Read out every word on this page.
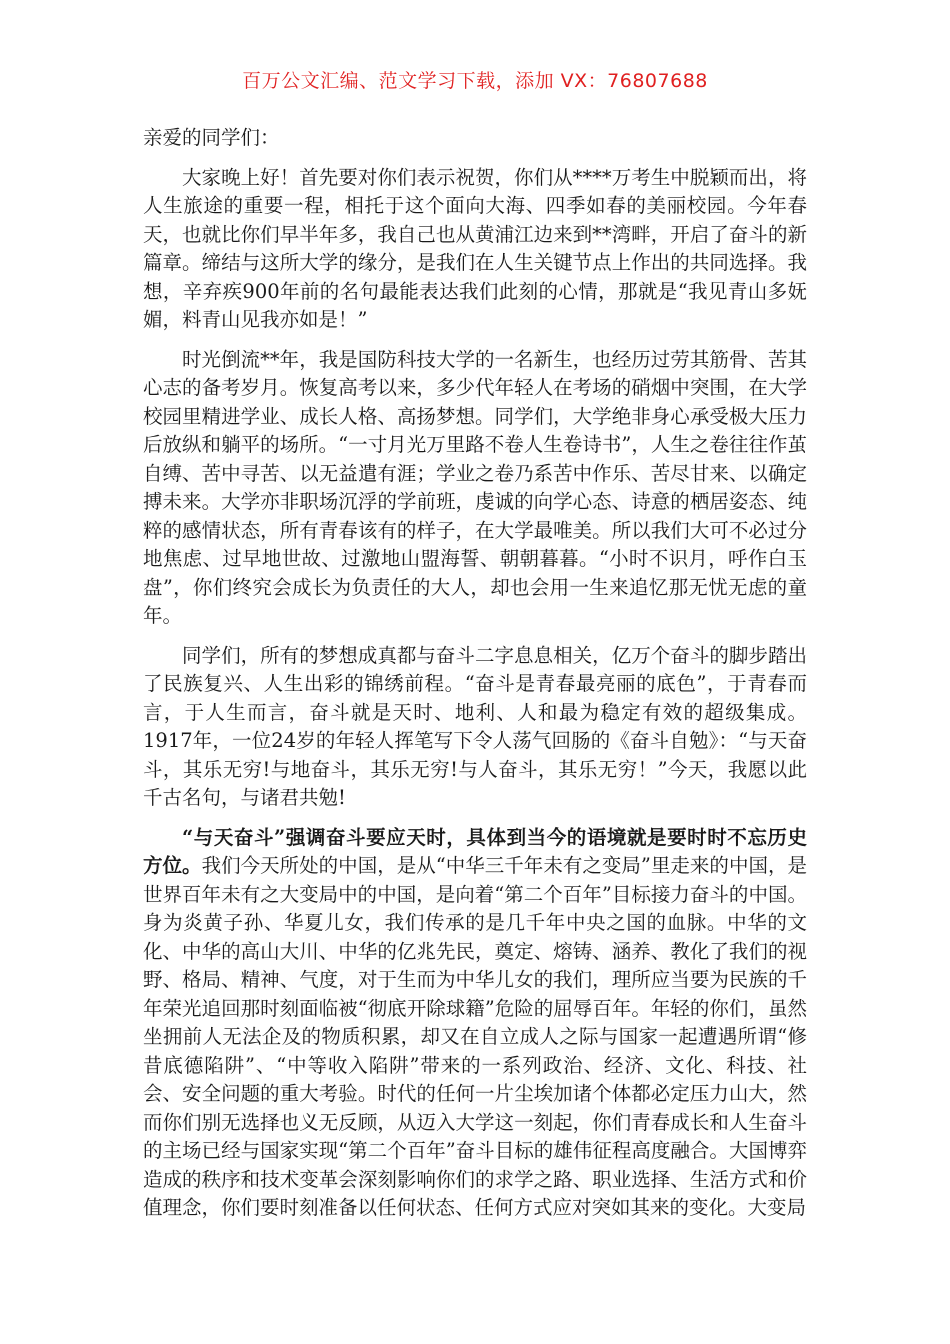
百万公文汇编、范文学习下载，添加 VX：76807688

亲爱的同学们：

大家晚上好！首先要对你们表示祝贺，你们从****万考生中脱颖而出，将人生旅途的重要一程，相托于这个面向大海、四季如春的美丽校园。今年春天，也就比你们早半年多，我自己也从黄浦江边来到**湾畔，开启了奋斗的新篇章。缔结与这所大学的缘分，是我们在人生关键节点上作出的共同选择。我想，辛弃疾900年前的名句最能表达我们此刻的心情，那就是“我见青山多妩媚，料青山见我亦如是！”

时光倒流**年，我是国防科技大学的一名新生，也经历过劳其筋骨、苦其心志的备考岁月。恢复高考以来，多少代年轻人在考场的硝烟中突围，在大学校园里精进学业、成长人格、高扬梦想。同学们，大学绝非身心承受极大压力后放纵和躺平的场所。“一寸月光万里路不卷人生卷诗书”，人生之卷往往作茧自缚、苦中寻苦、以无益遣有涯；学业之卷乃系苦中作乐、苦尽甘来、以确定搏未来。大学亦非职场沉浮的学前班，虔诚的向学心态、诗意的栖居姿态、纯粹的感情状态，所有青春该有的样子，在大学最唯美。所以我们大可不必过分地焦虑、过早地世故、过激地山盟海誓、朝朝暮暮。“小时不识月，呼作白玉盘”，你们终究会成长为负责任的大人，却也会用一生来追忆那无忧无虑的童年。

同学们，所有的梦想成真都与奋斗二字息息相关，亿万个奋斗的脚步踏出了民族复兴、人生出彩的锦绣前程。“奋斗是青春最亮丽的底色”，于青春而言，于人生而言，奋斗就是天时、地利、人和最为稳定有效的超级集成。1917年，一位24岁的年轻人挥笔写下令人荡气回肠的《奋斗自勉》：“与天奋斗，其乐无穷!与地奋斗，其乐无穷!与人奋斗，其乐无穷！”今天，我愿以此千古名句，与诸君共勉!

“与天奋斗”强调奋斗要应天时，具体到当今的语境就是要时时不忘历史方位。我们今天所处的中国，是从“中华三千年未有之变局”里走来的中国，是世界百年未有之大变局中的中国，是向着“第二个百年”目标接力奋斗的中国。身为炎黄子孙、华夏儿女，我们传承的是几千年中央之国的血脉。中华的文化、中华的高山大川、中华的亿兆先民，奠定、熔铸、涵养、教化了我们的视野、格局、精神、气度，对于生而为中华儿女的我们，理所应当要为民族的千年荣光追回那时刻面临被“彻底开除球籍”危险的屈辱百年。年轻的你们，虽然坐拥前人无法企及的物质积累，却又在自立成人之际与国家一起遭遇所谓“修昔底德陷阱”、“中等收入陷阱”带来的一系列政治、经济、文化、科技、社会、安全问题的重大考验。时代的任何一片尘埃加诸个体都必定压力山大，然而你们别无选择也义无反顾，从迈入大学这一刻起，你们青春成长和人生奋斗的主场已经与国家实现“第二个百年”奋斗目标的雄伟征程高度融合。大国博弈造成的秩序和技术变革会深刻影响你们的求学之路、职业选择、生活方式和价值理念，你们要时刻准备以任何状态、任何方式应对突如其来的变化。大变局
